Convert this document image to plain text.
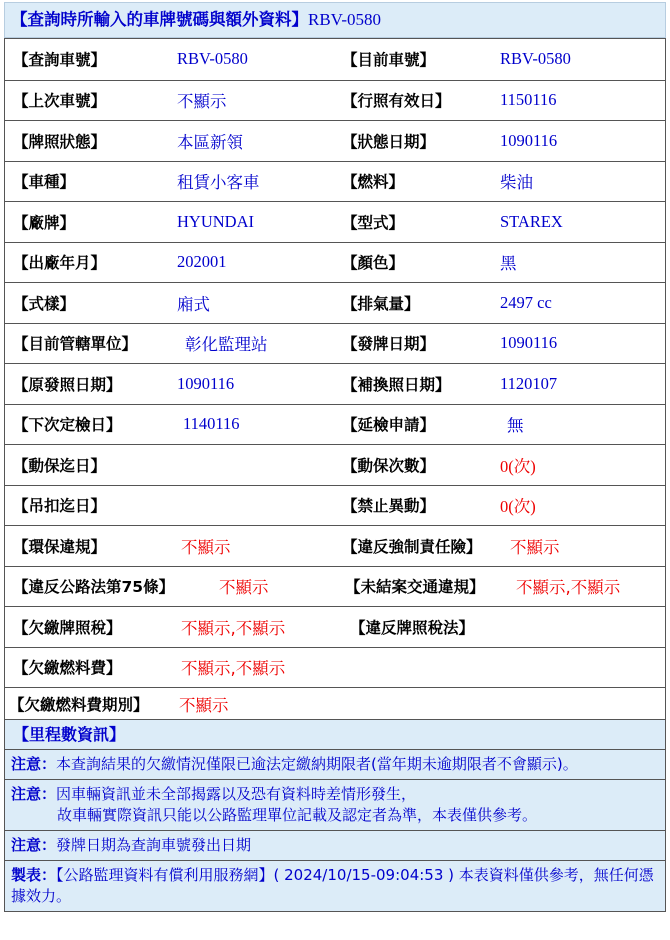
【查詢時所輸入的車牌號碼與額外資料】RBV-0580
【查詢車號】	RBV-0580	【目前車號】	RBV-0580
【上次車號】	不顯示	【行照有效日】	1150116
【牌照狀態】	本區新領	【狀態日期】	1090116
【車種】	租賃小客車	【燃料】	柴油
【廠牌】	HYUNDAI	【型式】	STAREX
【出廠年月】	202001	【顏色】	黑
【式樣】	廂式	【排氣量】	2497 cc
【目前管轄單位】	彰化監理站	【發牌日期】	1090116
【原發照日期】	1090116	【補換照日期】	1120107
【下次定檢日】	1140116	【延檢申請】	無
【動保迄日】	【動保次數】	0(次)
【吊扣迄日】	【禁止異動】	0(次)
【環保違規】	不顯示	【違反強制責任險】 不顯示
【違反公路法第75條】	不顯示	【未結案交通違規】 不顯示,不顯示
【欠繳牌照稅】	不顯示,不顯示	【違反牌照稅法】
【欠繳燃料費】	不顯示,不顯示
【欠繳燃料費期別】 不顯示
【里程數資訊】
注意：本查詢結果的欠繳情況僅限已逾法定繳納期限者(當年期未逾期限者不會顯示)。
注意：因車輛資訊並未全部揭露以及恐有資料時差情形發生，
故車輛實際資訊只能以公路監理單位記載及認定者為準，本表僅供參考。
注意：發牌日期為查詢車號發出日期
製表：【公路監理資料有償利用服務網】( 2024/10/15-09:04:53 ) 本表資料僅供參考，無任何憑據效力。
